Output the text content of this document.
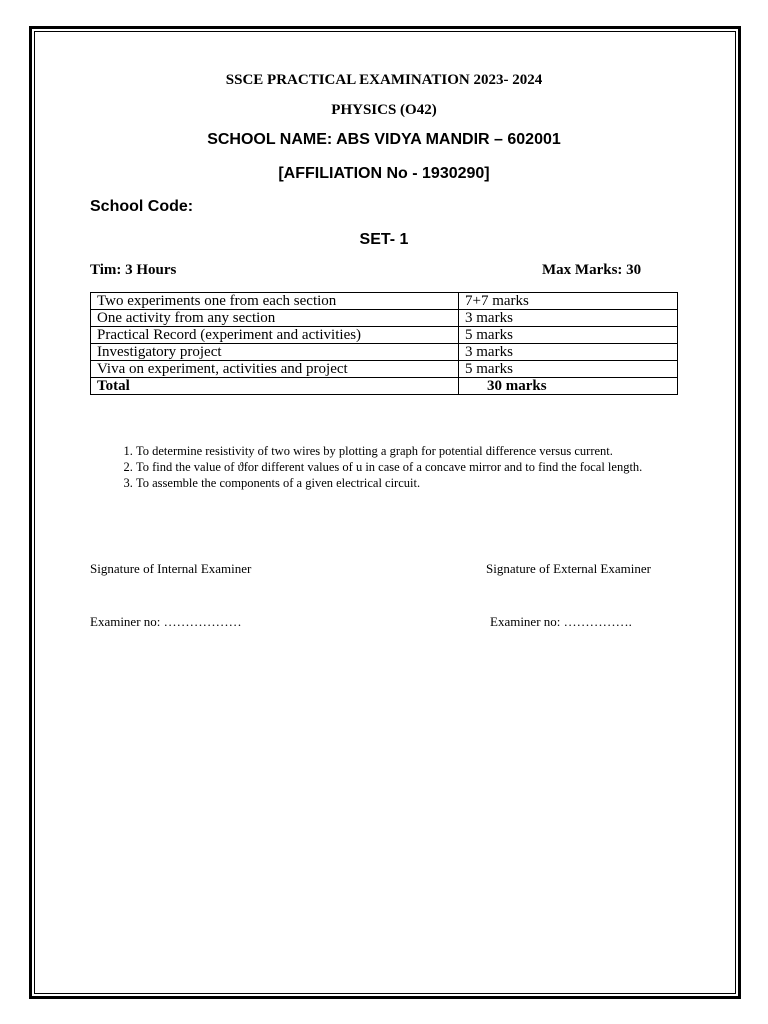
SSCE PRACTICAL EXAMINATION 2023- 2024
PHYSICS (O42)
SCHOOL NAME: ABS VIDYA MANDIR – 602001
[AFFILIATION No - 1930290]
School Code:
SET- 1
Tim: 3 Hours	Max Marks: 30
Two experiments one from each section	7+7 marks
One activity from any section	3 marks
Practical Record (experiment and activities)	5 marks
Investigatory project	3 marks
Viva on experiment, activities and project	5 marks
Total	30 marks
1. To determine resistivity of two wires by plotting a graph for potential difference versus current.
2. To find the value of ϑfor different values of u in case of a concave mirror and to find the focal length.
3. To assemble the components of a given electrical circuit.
Signature of Internal Examiner	Signature of External Examiner
Examiner no: ………………	Examiner no: …………….
